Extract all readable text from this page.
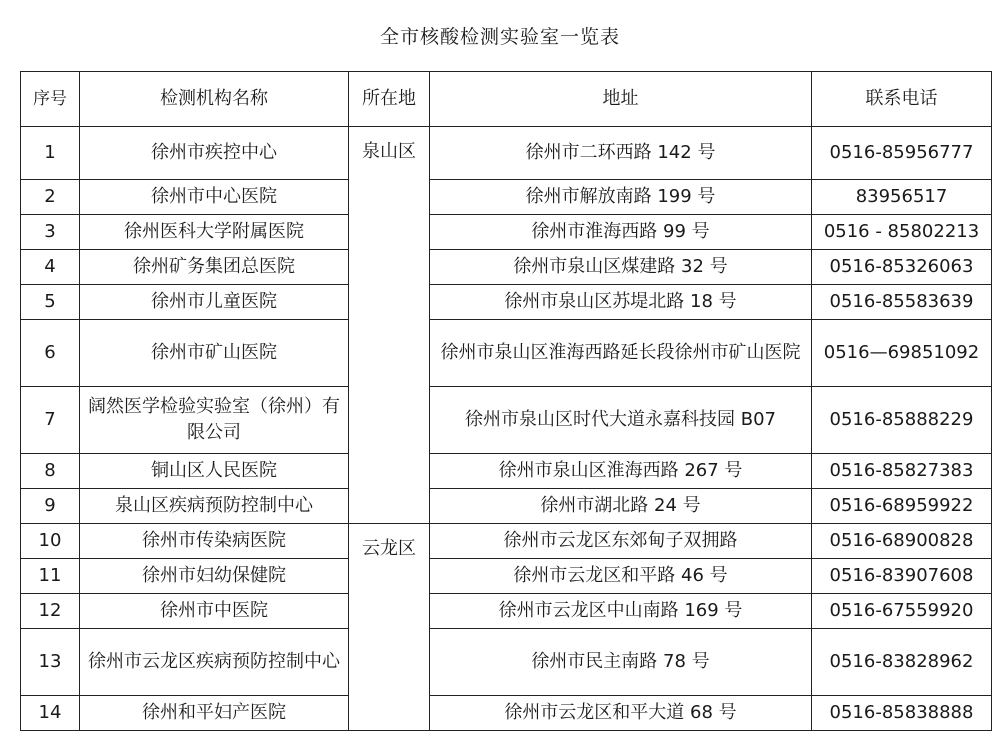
全市核酸检测实验室一览表
序号	检测机构名称	所在地	地址	联系电话
1	徐州市疾控中心	泉山区	徐州市二环西路 142 号	0516-85956777
2	徐州市中心医院		徐州市解放南路 199 号	83956517
3	徐州医科大学附属医院		徐州市淮海西路 99 号	0516 - 85802213
4	徐州矿务集团总医院		徐州市泉山区煤建路 32 号	0516-85326063
5	徐州市儿童医院		徐州市泉山区苏堤北路 18 号	0516-85583639
6	徐州市矿山医院		徐州市泉山区淮海西路延长段徐州市矿山医院	0516—69851092
7	阔然医学检验实验室（徐州）有限公司		徐州市泉山区时代大道永嘉科技园 B07	0516-85888229
8	铜山区人民医院		徐州市泉山区淮海西路 267 号	0516-85827383
9	泉山区疾病预防控制中心		徐州市湖北路 24 号	0516-68959922
10	徐州市传染病医院	云龙区	徐州市云龙区东郊甸子双拥路	0516-68900828
11	徐州市妇幼保健院		徐州市云龙区和平路 46 号	0516-83907608
12	徐州市中医院		徐州市云龙区中山南路 169 号	0516-67559920
13	徐州市云龙区疾病预防控制中心		徐州市民主南路 78 号	0516-83828962
14	徐州和平妇产医院		徐州市云龙区和平大道 68 号	0516-85838888
